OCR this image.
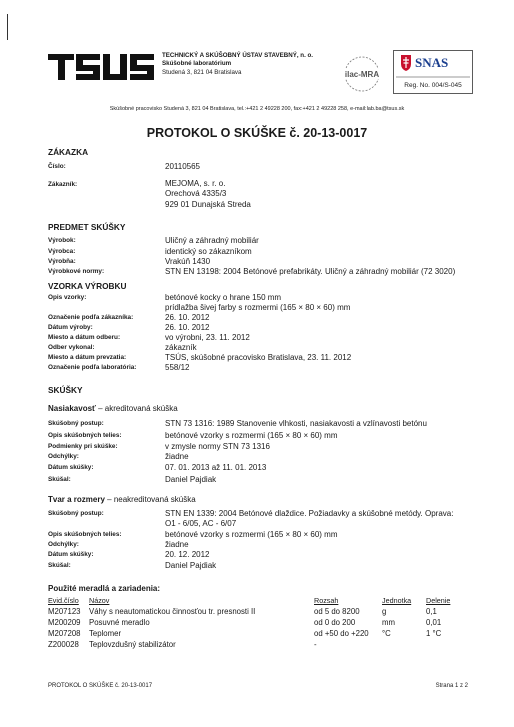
TECHNICKÝ A SKÚŠOBNÝ ÚSTAV STAVEBNÝ, n. o.
Skúšobné laboratórium
Studená 3, 821 04 Bratislava	ilac-MRA
SNAS
Reg. No. 004/S-045
Skúšobné pracovisko Studená 3, 821 04 Bratislava, tel.:+421 2 49228 200, fax:+421 2 49228 258, e-mail:lab.ba@tsus.sk
PROTOKOL O SKÚŠKE č. 20-13-0017
ZÁKAZKA
Číslo:	20110565
Zákazník:	MEJOMA, s. r. o.
Orechová 4335/3
929 01 Dunajská Streda
PREDMET SKÚŠKY
Výrobok:	Uličný a záhradný mobiliár
Výrobca:	identický so zákazníkom
Výrobňa:	Vrakúň 1430
Výrobkové normy:	STN EN 13198: 2004 Betónové prefabrikáty. Uličný a záhradný mobiliár (72 3020)
VZORKA VÝROBKU
Opis vzorky:	betónové kocky o hrane 150 mm
prídlažba šivej farby s rozmermi (165 × 80 × 60) mm
Označenie podľa zákazníka:	26. 10. 2012
Dátum výroby:	26. 10. 2012
Miesto a dátum odberu:	vo výrobni, 23. 11. 2012
Odber vykonal:	zákazník
Miesto a dátum prevzatia:	TSÚS, skúšobné pracovisko Bratislava, 23. 11. 2012
Označenie podľa laboratória:	558/12
SKÚŠKY
Nasiakavosť – akreditovaná skúška
Skúšobný postup:	STN 73 1316: 1989 Stanovenie vlhkosti, nasiakavosti a vzlínavosti betónu
Opis skúšobných telies:	betónové vzorky s rozmermi (165 × 80 × 60) mm
Podmienky pri skúške:	v zmysle normy STN 73 1316
Odchýlky:	žiadne
Dátum skúšky:	07. 01. 2013 až 11. 01. 2013
Skúšal:	Daniel Pajdiak
Tvar a rozmery – neakreditovaná skúška
Skúšobný postup:	STN EN 1339: 2004 Betónové dlaždice. Požiadavky a skúšobné metódy. Oprava:
O1 - 6/05, AC - 6/07
Opis skúšobných telies:	betónové vzorky s rozmermi (165 × 80 × 60) mm
Odchýlky:	žiadne
Dátum skúšky:	20. 12. 2012
Skúšal:	Daniel Pajdiak
Použité meradlá a zariadenia:
Evid.číslo Názov	Rozsah	Jednotka Delenie
M207123 Váhy s neautomatickou činnosťou tr. presnosti II	od 5 do 8200	g	0,1
M200209 Posuvné meradlo	od 0 do 200	mm	0,01
M207208 Teplomer	od +50 do +220 °C	1 °C
Z200028 Teplovzdušný stabilizátor	-
PROTOKOL O SKÚŠKE č. 20-13-0017	Strana 1 z 2
